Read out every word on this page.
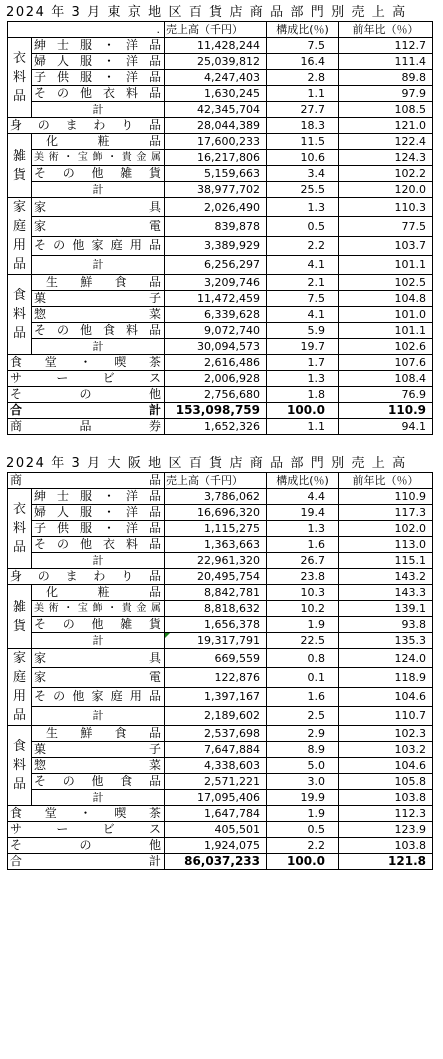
2024 年 3 月 東 京 地 区 百 貨 店 商 品 部 門 別 売 上 高
.		売上高（千円）	構成比(％)	前年比（％）
衣料品	紳士服・洋品	11,428,244	7.5	112.7
	婦人服・洋品	25,039,812	16.4	111.4
	子供服・洋品	4,247,403	2.8	89.8
	その他衣料品	1,630,245	1.1	97.9
	計	42,345,704	27.7	108.5
身のまわり品		28,044,389	18.3	121.0
雑貨	化粧品	17,600,233	11.5	122.4
	美術・宝飾・貴金属	16,217,806	10.6	124.3
	その他雑貨	5,159,663	3.4	102.2
	計	38,977,702	25.5	120.0
家庭用品	家具	2,026,490	1.3	110.3
	家電	839,878	0.5	77.5
	その他家庭用品	3,389,929	2.2	103.7
	計	6,256,297	4.1	101.1
食料品	生鮮食品	3,209,746	2.1	102.5
	菓子	11,472,459	7.5	104.8
	惣菜	6,339,628	4.1	101.0
	その他食料品	9,072,740	5.9	101.1
	計	30,094,573	19.7	102.6
食堂・喫茶		2,616,486	1.7	107.6
サービス		2,006,928	1.3	108.4
その他		2,756,680	1.8	76.9
合計		153,098,759	100.0	110.9
商品券		1,652,326	1.1	94.1
2024 年 3 月 大 阪 地 区 百 貨 店 商 品 部 門 別 売 上 高
商品		売上高（千円）	構成比(％)	前年比（％）
衣料品	紳士服・洋品	3,786,062	4.4	110.9
	婦人服・洋品	16,696,320	19.4	117.3
	子供服・洋品	1,115,275	1.3	102.0
	その他衣料品	1,363,663	1.6	113.0
	計	22,961,320	26.7	115.1
身のまわり品		20,495,754	23.8	143.2
雑貨	化粧品	8,842,781	10.3	143.3
	美術・宝飾・貴金属	8,818,632	10.2	139.1
	その他雑貨	1,656,378	1.9	93.8
	計	19,317,791	22.5	135.3
家庭用品	家具	669,559	0.8	124.0
	家電	122,876	0.1	118.9
	その他家庭用品	1,397,167	1.6	104.6
	計	2,189,602	2.5	110.7
食料品	生鮮食品	2,537,698	2.9	102.3
	菓子	7,647,884	8.9	103.2
	惣菜	4,338,603	5.0	104.6
	その他食品	2,571,221	3.0	105.8
	計	17,095,406	19.9	103.8
食堂・喫茶		1,647,784	1.9	112.3
サービス		405,501	0.5	123.9
その他		1,924,075	2.2	103.8
合計		86,037,233	100.0	121.8
